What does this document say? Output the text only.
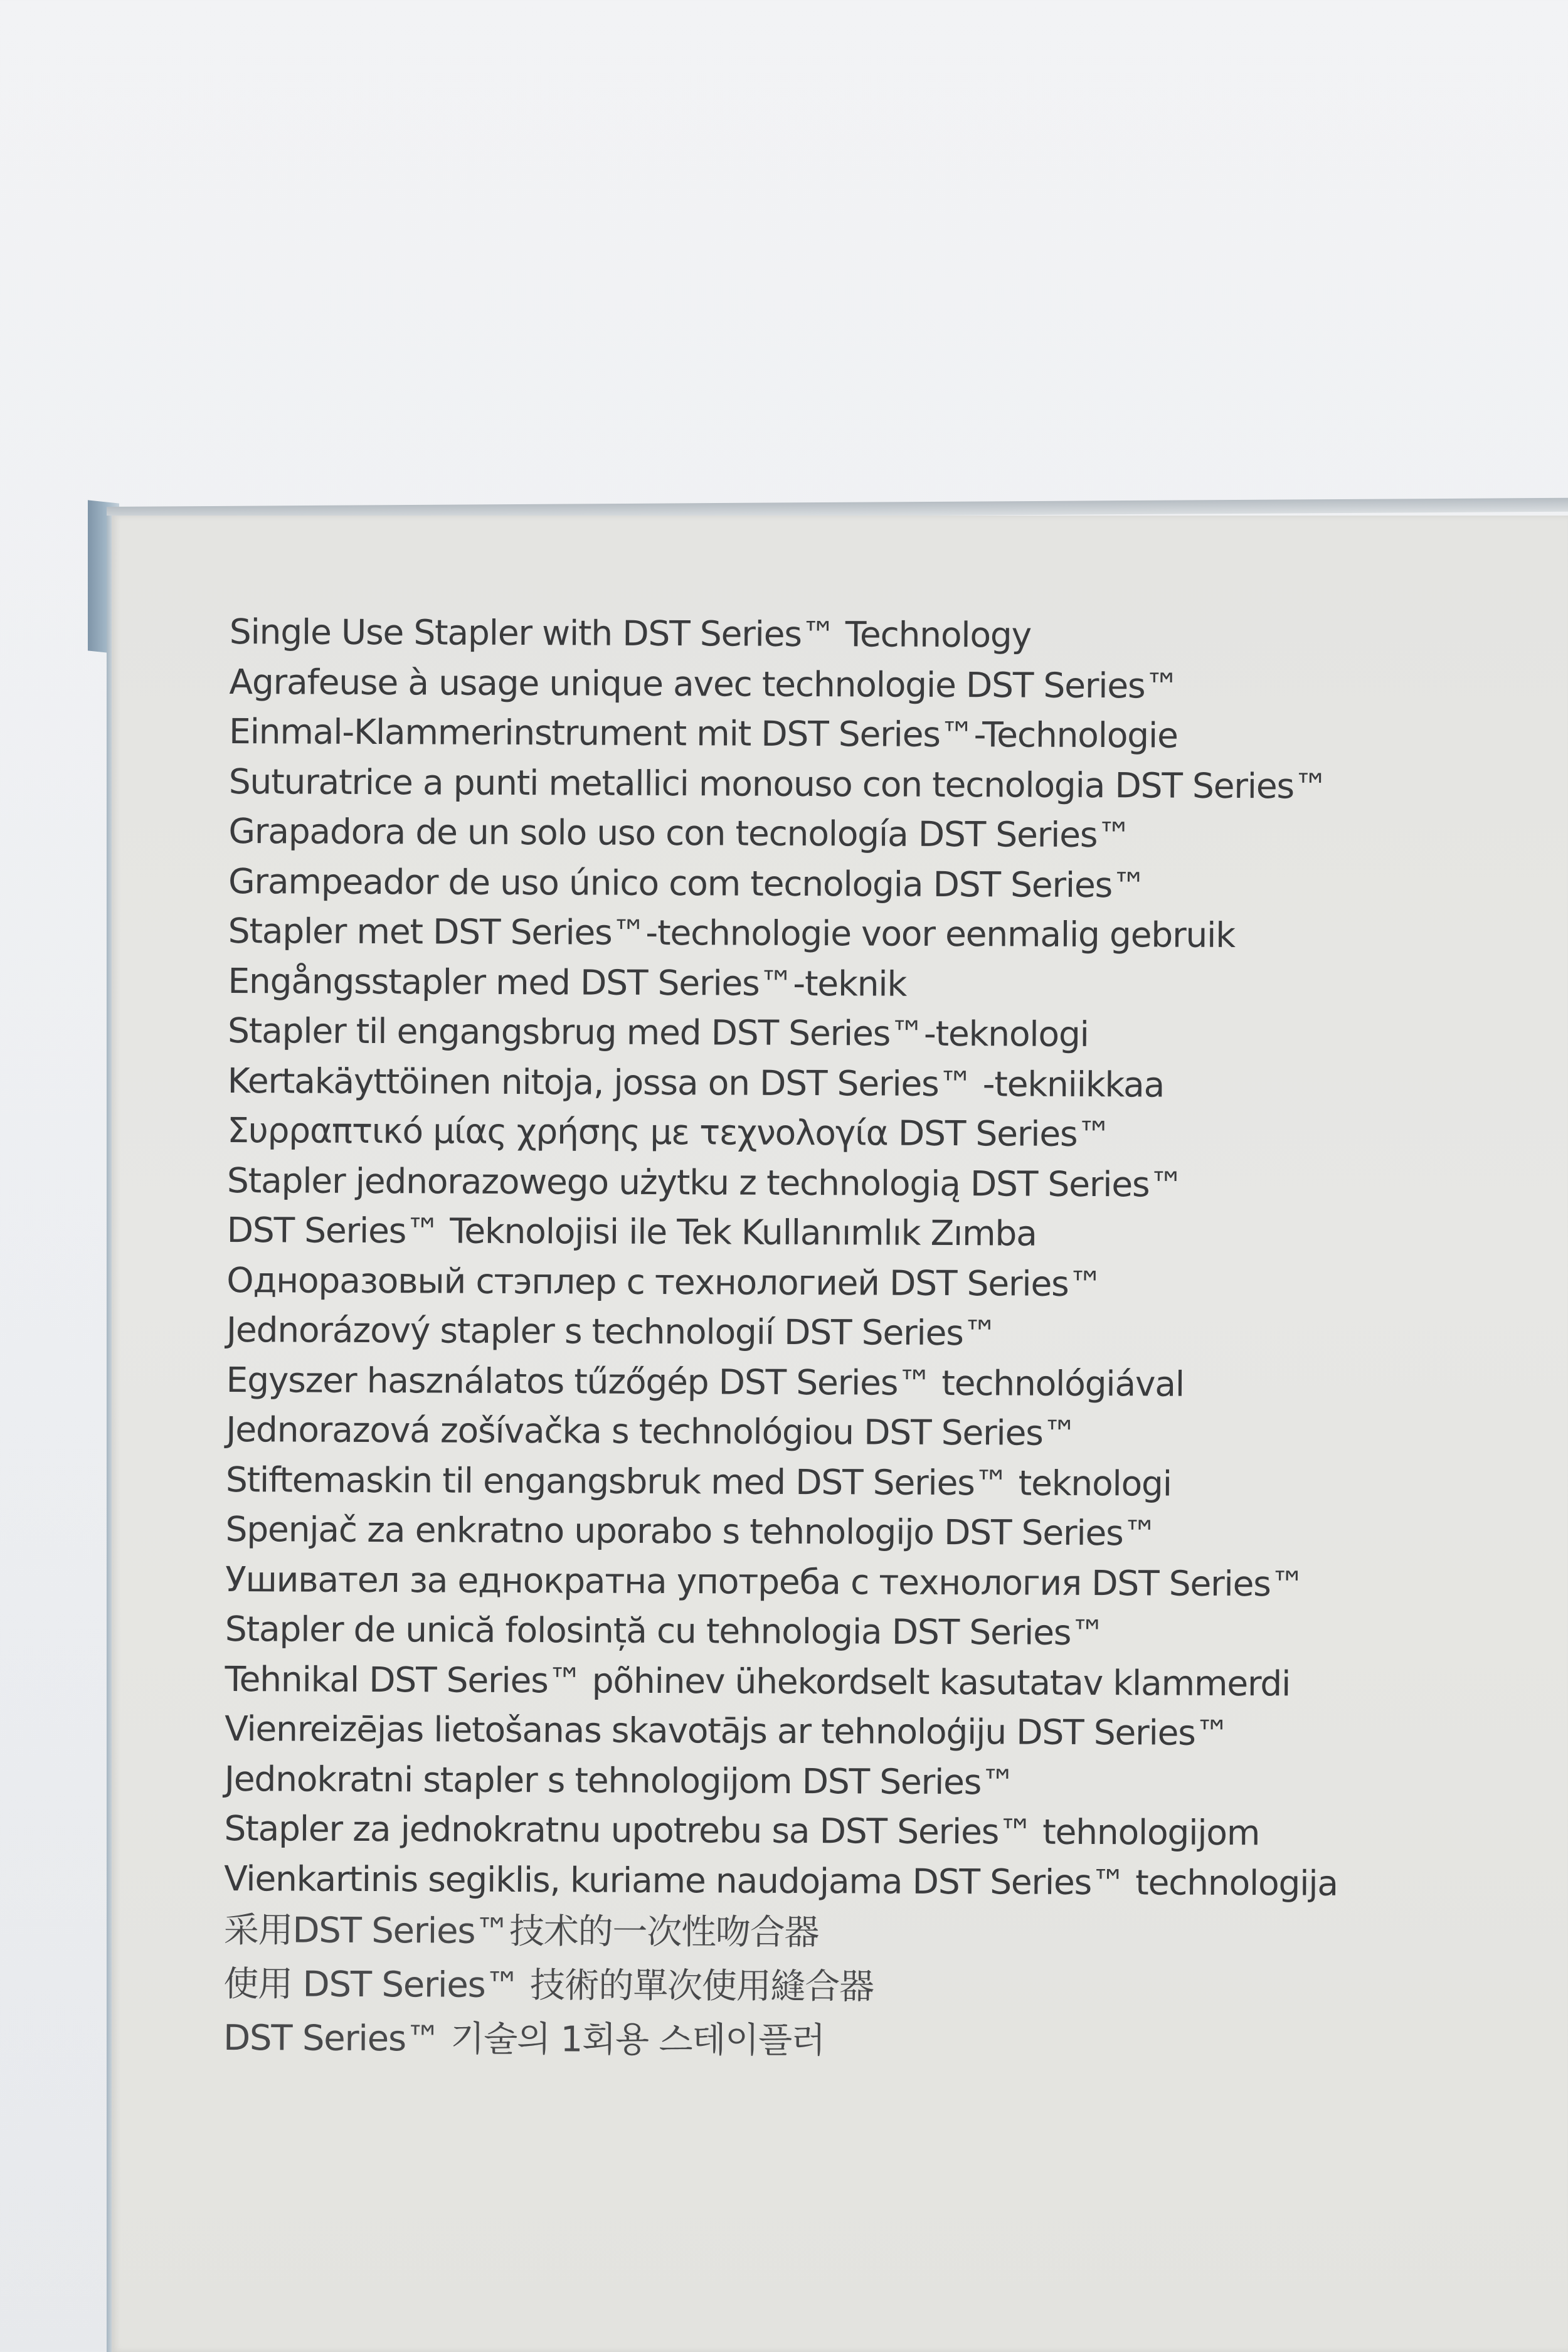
Single Use Stapler with DST Series™ Technology
Agrafeuse à usage unique avec technologie DST Series™
Einmal-Klammerinstrument mit DST Series™-Technologie
Suturatrice a punti metallici monouso con tecnologia DST Series™
Grapadora de un solo uso con tecnología DST Series™
Grampeador de uso único com tecnologia DST Series™
Stapler met DST Series™-technologie voor eenmalig gebruik
Engångsstapler med DST Series™-teknik
Stapler til engangsbrug med DST Series™-teknologi
Kertakäyttöinen nitoja, jossa on DST Series™ -tekniikkaa
Συρραπτικό μίας χρήσης με τεχνολογία DST Series™
Stapler jednorazowego użytku z technologią DST Series™
DST Series™ Teknolojisi ile Tek Kullanımlık Zımba
Одноразовый стэплер с технологией DST Series™
Jednorázový stapler s technologií DST Series™
Egyszer használatos tűzőgép DST Series™ technológiával
Jednorazová zošívačka s technológiou DST Series™
Stiftemaskin til engangsbruk med DST Series™ teknologi
Spenjač za enkratno uporabo s tehnologijo DST Series™
Ушивател за еднократна употреба с технология DST Series™
Stapler de unică folosință cu tehnologia DST Series™
Tehnikal DST Series™ põhinev ühekordselt kasutatav klammerdi
Vienreizējas lietošanas skavotājs ar tehnoloģiju DST Series™
Jednokratni stapler s tehnologijom DST Series™
Stapler za jednokratnu upotrebu sa DST Series™ tehnologijom
Vienkartinis segiklis, kuriame naudojama DST Series™ technologija
采用DST Series™技术的一次性吻合器
使用 DST Series™ 技術的單次使用縫合器
DST Series™ 기술의 1회용 스테이플러
